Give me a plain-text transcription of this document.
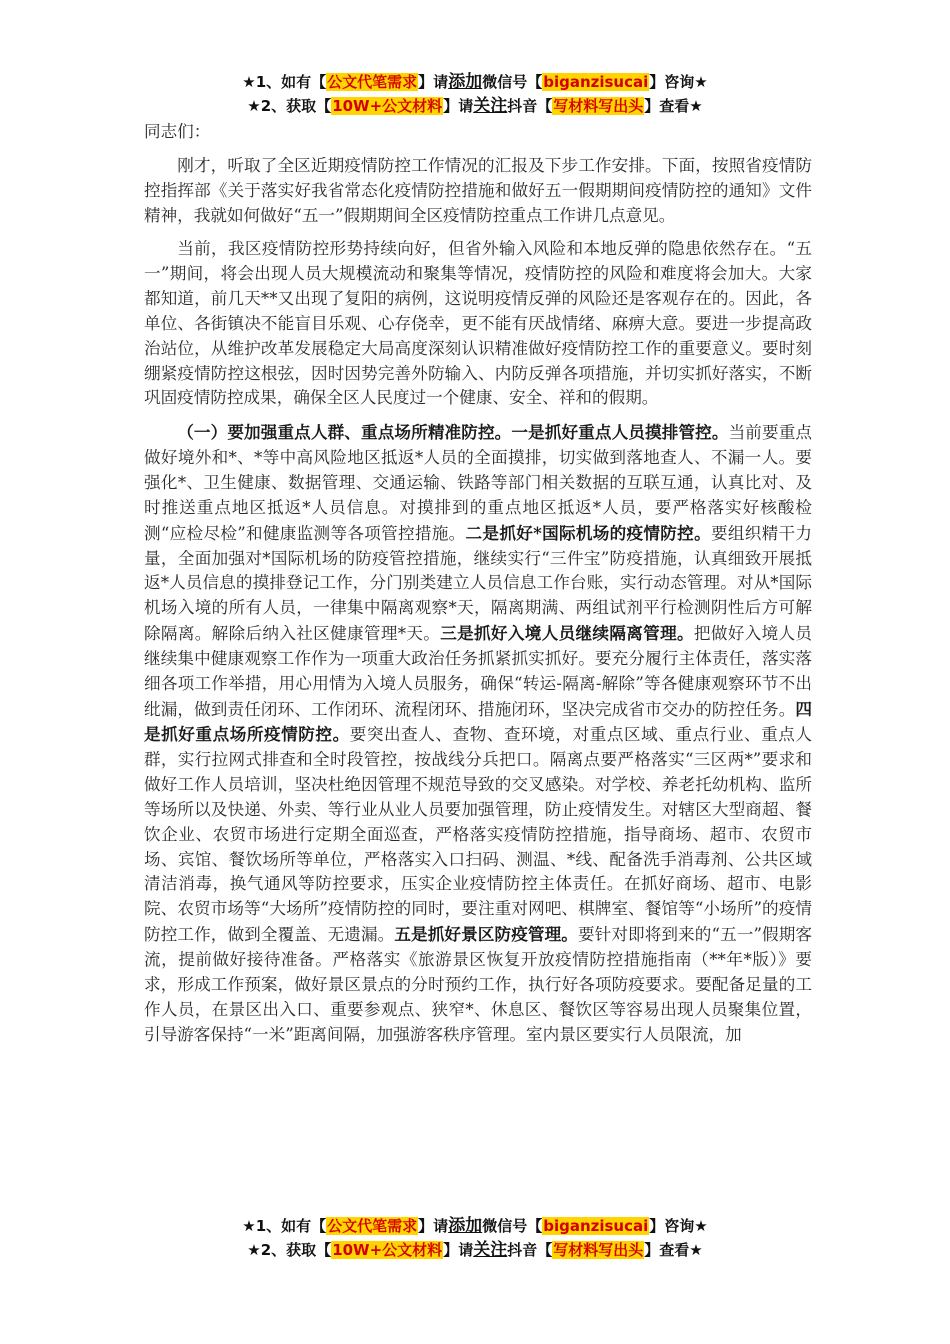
★1、如有【公文代笔需求】请添加微信号【biganzisucai】咨询★
★2、获取【10W+公文材料】请关注抖音【写材料写出头】查看★

同志们：

刚才，听取了全区近期疫情防控工作情况的汇报及下步工作安排。下面，按照省疫情防控指挥部《关于落实好我省常态化疫情防控措施和做好五一假期期间疫情防控的通知》文件精神，我就如何做好“五一”假期期间全区疫情防控重点工作讲几点意见。

当前，我区疫情防控形势持续向好，但省外输入风险和本地反弹的隐患依然存在。“五一”期间，将会出现人员大规模流动和聚集等情况，疫情防控的风险和难度将会加大。大家都知道，前几天**又出现了复阳的病例，这说明疫情反弹的风险还是客观存在的。因此，各单位、各街镇决不能盲目乐观、心存侥幸，更不能有厌战情绪、麻痹大意。要进一步提高政治站位，从维护改革发展稳定大局高度深刻认识精准做好疫情防控工作的重要意义。要时刻绷紧疫情防控这根弦，因时因势完善外防输入、内防反弹各项措施，并切实抓好落实，不断巩固疫情防控成果，确保全区人民度过一个健康、安全、祥和的假期。

（一）要加强重点人群、重点场所精准防控。一是抓好重点人员摸排管控。当前要重点做好境外和*、*等中高风险地区抵返*人员的全面摸排，切实做到落地查人、不漏一人。要强化*、卫生健康、数据管理、交通运输、铁路等部门相关数据的互联互通，认真比对、及时推送重点地区抵返*人员信息。对摸排到的重点地区抵返*人员，要严格落实好核酸检测“应检尽检”和健康监测等各项管控措施。二是抓好*国际机场的疫情防控。要组织精干力量，全面加强对*国际机场的防疫管控措施，继续实行“三件宝”防疫措施，认真细致开展抵返*人员信息的摸排登记工作，分门别类建立人员信息工作台账，实行动态管理。对从*国际机场入境的所有人员，一律集中隔离观察*天，隔离期满、两组试剂平行检测阴性后方可解除隔离。解除后纳入社区健康管理*天。三是抓好入境人员继续隔离管理。把做好入境人员继续集中健康观察工作作为一项重大政治任务抓紧抓实抓好。要充分履行主体责任，落实落细各项工作举措，用心用情为入境人员服务，确保“转运-隔离-解除”等各健康观察环节不出纰漏，做到责任闭环、工作闭环、流程闭环、措施闭环，坚决完成省市交办的防控任务。四是抓好重点场所疫情防控。要突出查人、查物、查环境，对重点区域、重点行业、重点人群，实行拉网式排查和全时段管控，按战线分兵把口。隔离点要严格落实“三区两*”要求和做好工作人员培训，坚决杜绝因管理不规范导致的交叉感染。对学校、养老托幼机构、监所等场所以及快递、外卖、等行业从业人员要加强管理，防止疫情发生。对辖区大型商超、餐饮企业、农贸市场进行定期全面巡查，严格落实疫情防控措施，指导商场、超市、农贸市场、宾馆、餐饮场所等单位，严格落实入口扫码、测温、*线、配备洗手消毒剂、公共区域清洁消毒，换气通风等防控要求，压实企业疫情防控主体责任。在抓好商场、超市、电影院、农贸市场等“大场所”疫情防控的同时，要注重对网吧、棋牌室、餐馆等“小场所”的疫情防控工作，做到全覆盖、无遗漏。五是抓好景区防疫管理。要针对即将到来的“五一”假期客流，提前做好接待准备。严格落实《旅游景区恢复开放疫情防控措施指南（**年*版）》要求，形成工作预案，做好景区景点的分时预约工作，执行好各项防疫要求。要配备足量的工作人员，在景区出入口、重要参观点、狭窄*、休息区、餐饮区等容易出现人员聚集位置，引导游客保持“一米”距离间隔，加强游客秩序管理。室内景区要实行人员限流，加

★1、如有【公文代笔需求】请添加微信号【biganzisucai】咨询★
★2、获取【10W+公文材料】请关注抖音【写材料写出头】查看★
